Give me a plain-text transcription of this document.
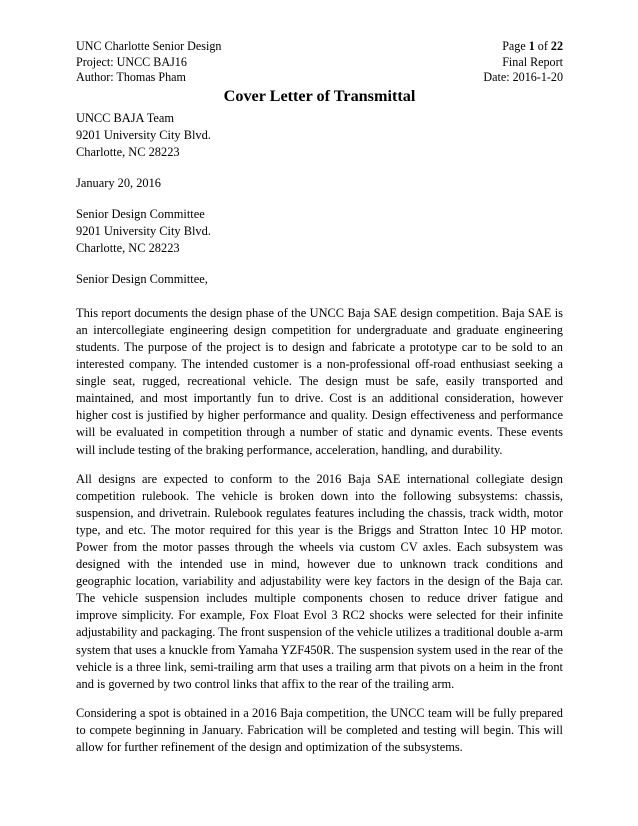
UNC Charlotte Senior Design	Page 1 of 22
Project: UNCC BAJ16	Final Report
Author: Thomas Pham	Date: 2016-1-20
Cover Letter of Transmittal
UNCC BAJA Team
9201 University City Blvd.
Charlotte, NC 28223
January 20, 2016
Senior Design Committee
9201 University City Blvd.
Charlotte, NC 28223
Senior Design Committee,

This report documents the design phase of the UNCC Baja SAE design competition. Baja SAE is an intercollegiate engineering design competition for undergraduate and graduate engineering students. The purpose of the project is to design and fabricate a prototype car to be sold to an interested company. The intended customer is a non-professional off-road enthusiast seeking a single seat, rugged, recreational vehicle. The design must be safe, easily transported and maintained, and most importantly fun to drive. Cost is an additional consideration, however higher cost is justified by higher performance and quality. Design effectiveness and performance will be evaluated in competition through a number of static and dynamic events. These events will include testing of the braking performance, acceleration, handling, and durability.

All designs are expected to conform to the 2016 Baja SAE international collegiate design competition rulebook. The vehicle is broken down into the following subsystems: chassis, suspension, and drivetrain. Rulebook regulates features including the chassis, track width, motor type, and etc. The motor required for this year is the Briggs and Stratton Intec 10 HP motor. Power from the motor passes through the wheels via custom CV axles. Each subsystem was designed with the intended use in mind, however due to unknown track conditions and geographic location, variability and adjustability were key factors in the design of the Baja car. The vehicle suspension includes multiple components chosen to reduce driver fatigue and improve simplicity. For example, Fox Float Evol 3 RC2 shocks were selected for their infinite adjustability and packaging. The front suspension of the vehicle utilizes a traditional double a-arm system that uses a knuckle from Yamaha YZF450R. The suspension system used in the rear of the vehicle is a three link, semi-trailing arm that uses a trailing arm that pivots on a heim in the front and is governed by two control links that affix to the rear of the trailing arm.

Considering a spot is obtained in a 2016 Baja competition, the UNCC team will be fully prepared to compete beginning in January. Fabrication will be completed and testing will begin. This will allow for further refinement of the design and optimization of the subsystems.
